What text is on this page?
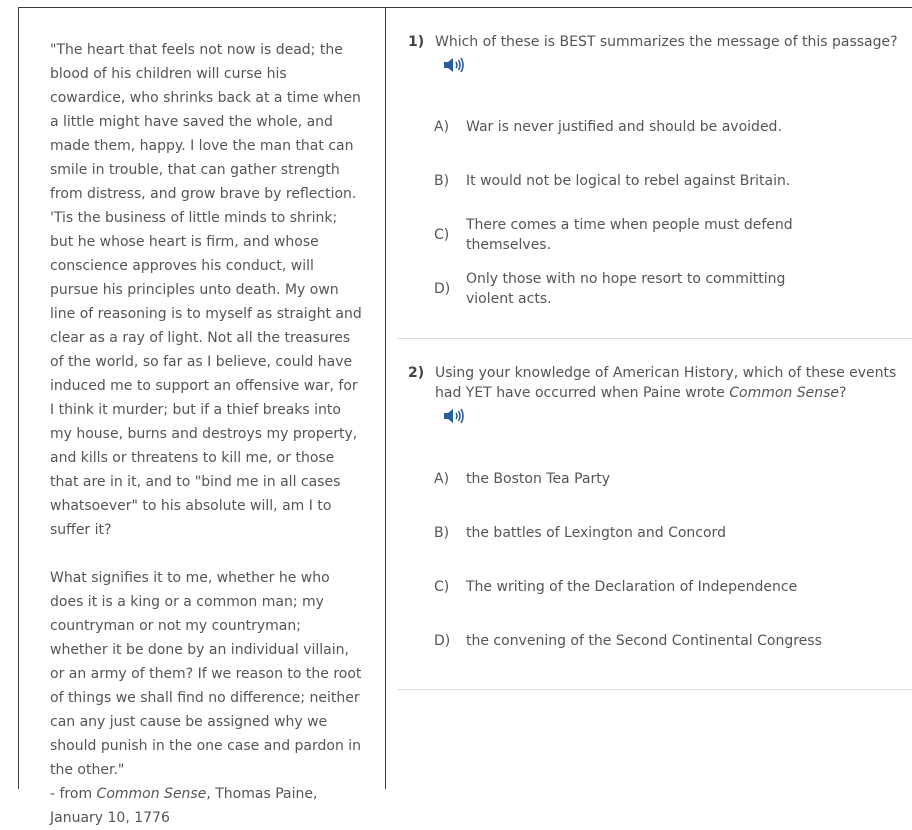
"The heart that feels not now is dead; the blood of his children will curse his cowardice, who shrinks back at a time when a little might have saved the whole, and made them, happy. I love the man that can smile in trouble, that can gather strength from distress, and grow brave by reflection. 'Tis the business of little minds to shrink; but he whose heart is firm, and whose conscience approves his conduct, will pursue his principles unto death. My own line of reasoning is to myself as straight and clear as a ray of light. Not all the treasures of the world, so far as I believe, could have induced me to support an offensive war, for I think it murder; but if a thief breaks into my house, burns and destroys my property, and kills or threatens to kill me, or those that are in it, and to "bind me in all cases whatsoever" to his absolute will, am I to suffer it?

What signifies it to me, whether he who does it is a king or a common man; my countryman or not my countryman; whether it be done by an individual villain, or an army of them? If we reason to the root of things we shall find no difference; neither can any just cause be assigned why we should punish in the one case and pardon in the other."
- from Common Sense, Thomas Paine, January 10, 1776

1) Which of these is BEST summarizes the message of this passage?
A)	War is never justified and should be avoided.
B)	It would not be logical to rebel against Britain.
C)
There comes a time when people must defend themselves.
D)
Only those with no hope resort to committing violent acts.
2) Using your knowledge of American History, which of these events had YET have occurred when Paine wrote Common Sense?
A)	the Boston Tea Party
B)	the battles of Lexington and Concord
C)	The writing of the Declaration of Independence
D)	the convening of the Second Continental Congress
